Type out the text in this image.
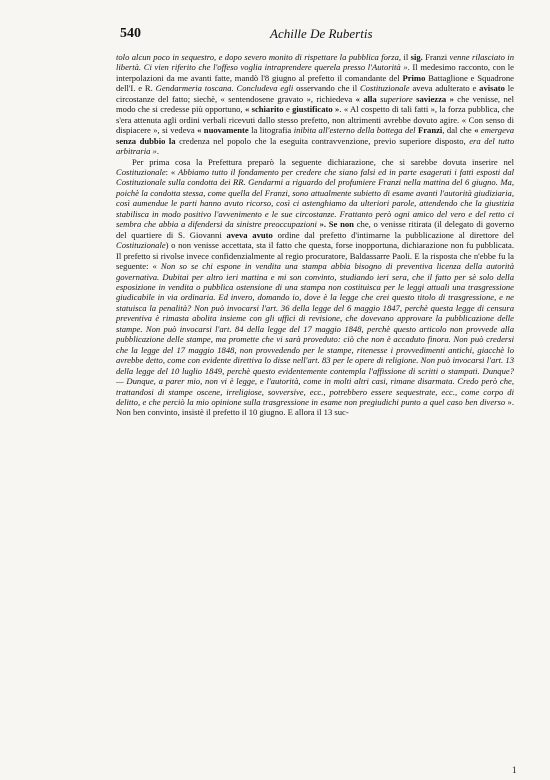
540	Achille De Rubertis

tolo alcun poco in sequestro, e dopo severo monito di rispettare la pubblica forza, il sig. Franzi venne rilasciato in libertà. Ci vien riferito che l'offeso voglia intraprendere querela presso l'Autorità ». Il medesimo racconto, con le interpolazioni da me avanti fatte, mandò l'8 giugno al prefetto il comandante del Primo Battaglione e Squadrone dell'I. e R. Gendarmeria toscana. Concludeva egli osservando che il Costituzionale aveva adulterato e avisato le circostanze del fatto; siechè, « sentendosene gravato », richiedeva « alla superiore saviezza » che venisse, nel modo che si credesse più opportuno, « schiarito e giustificato ». « Al cospetto di tali fatti », la forza pubblica, che s'era attenuta agli ordini verbali ricevuti dallo stesso prefetto, non altrimenti avrebbe dovuto agire. « Con senso di dispiacere », si vedeva « nuovamente la litografia inibita all'esterno della bottega del Franzi, dal che « emergeva senza dubbio la credenza nel popolo che la eseguita contravvenzione, previo superiore disposto, era del tutto arbitraria ».

Per prima cosa la Prefettura preparò la seguente dichiarazione, che si sarebbe dovuta inserire nel Costituzionale: « Abbiamo tutto il fondamento per credere che siano falsi ed in parte esagerati i fatti esposti dal Costituzionale sulla condotta dei RR. Gendarmi a riguardo del profumiere Franzi nella mattina del 6 giugno. Ma, poichè la condotta stessa, come quella del Franzi, sono attualmente subietto di esame avanti l'autorità giudiziaria, così aumendue le parti hanno avuto ricorso, così ci astenghiamo da ulteriori parole, attendendo che la giustizia stabilisca in modo positivo l'avvenimento e le sue circostanze. Frattanto però ogni amico del vero e del retto ci sembra che abbia a difendersi da sinistre preoccupazioni ». Se non che, o venisse ritirata (il delegato di governo del quartiere di S. Giovanni aveva avuto ordine dal prefetto d'intimarne la pubblicazione al direttore del Costituzionale) o non venisse accettata, sta il fatto che questa, forse inopportuna, dichiarazione non fu pubblicata. Il prefetto si rivolse invece confidenzialmente al regio procuratore, Baldassarre Paoli. E la risposta che n'ebbe fu la seguente: « Non so se chi espone in vendita una stampa abbia bisogno di preventiva licenza della autorità governativa. Dubitai per altro ieri mattina e mi son convinto, studiando ieri sera, che il fatto per sè solo della esposizione in vendita o pubblica ostensione di una stampa non costituisca per le leggi attuali una trasgressione giudicabile in via ordinaria. Ed invero, domando io, dove è la legge che crei questo titolo di trasgressione, e ne statuisca la penalità? Non può invocarsi l'art. 36 della legge del 6 maggio 1847, perchè questa legge di censura preventiva è rimasta abolita insieme con gli uffici di revisione, che dovevano approvare la pubblicazione delle stampe. Non può invocarsi l'art. 84 della legge del 17 maggio 1848, perchè questo articolo non provvede alla pubblicazione delle stampe, ma promette che vi sarà proveduto: ciò che non è accaduto finora. Non può credersi che la legge del 17 maggio 1848, non provvedendo per le stampe, ritenesse i provvedimenti antichi, giacchè lo avrebbe detto, come con evidente direttiva lo disse nell'art. 83 per le opere di religione. Non può invocarsi l'art. 13 della legge del 10 luglio 1849, perchè questo evidentemente contempla l'affissione di scritti o stampati. Dunque? — Dunque, a parer mio, non vi è legge, e l'autorità, come in molti altri casi, rimane disarmata. Credo però che, trattandosi di stampe oscene, irreligiose, sovversive, ecc., potrebbero essere sequestrate, ecc., come corpo di delitto, e che perciò la mio opinione sulla trasgressione in esame non pregiudichi punto a quel caso ben diverso ». Non ben convinto, insistè il prefetto il 10 giugno. E allora il 13 suc-

1
